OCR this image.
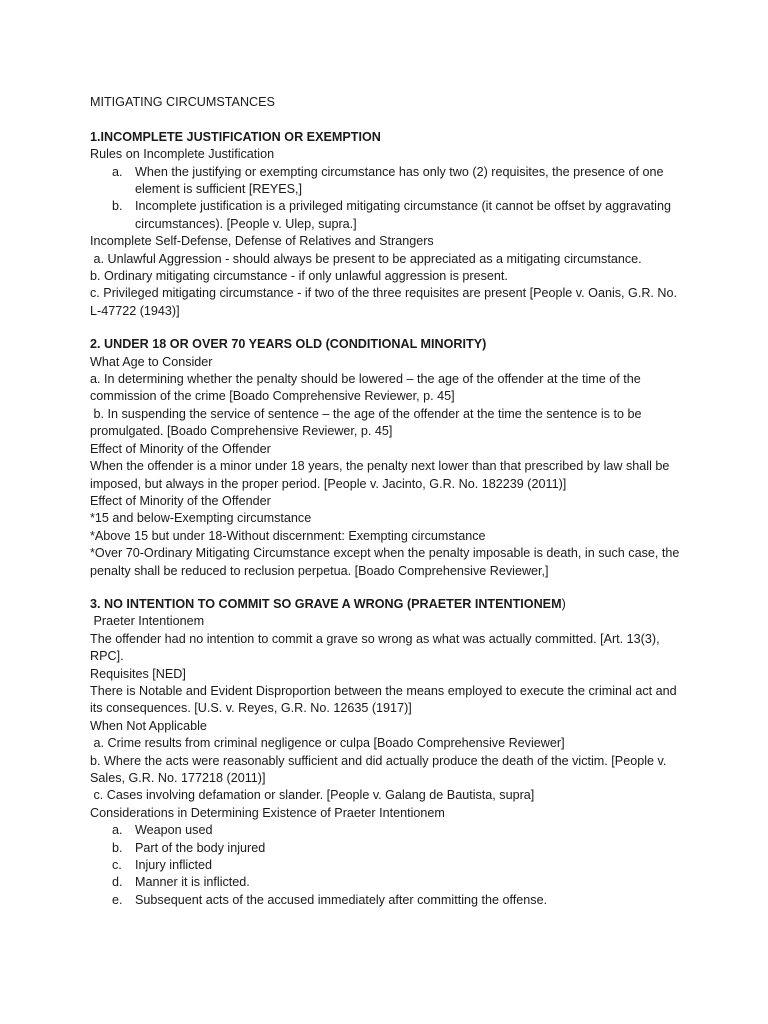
MITIGATING CIRCUMSTANCES

1.INCOMPLETE JUSTIFICATION OR EXEMPTION

Rules on Incomplete Justification

a. When the justifying or exempting circumstance has only two (2) requisites, the presence of one element is sufficient [REYES,]
b. Incomplete justification is a privileged mitigating circumstance (it cannot be offset by aggravating circumstances). [People v. Ulep, supra.]

Incomplete Self-Defense, Defense of Relatives and Strangers

a. Unlawful Aggression - should always be present to be appreciated as a mitigating circumstance.

b. Ordinary mitigating circumstance - if only unlawful aggression is present.

c. Privileged mitigating circumstance - if two of the three requisites are present [People v. Oanis, G.R. No. L-47722 (1943)]

2. UNDER 18 OR OVER 70 YEARS OLD (CONDITIONAL MINORITY)

What Age to Consider

a. In determining whether the penalty should be lowered – the age of the offender at the time of the commission of the crime [Boado Comprehensive Reviewer, p. 45]

b. In suspending the service of sentence – the age of the offender at the time the sentence is to be promulgated. [Boado Comprehensive Reviewer, p. 45]

Effect of Minority of the Offender

When the offender is a minor under 18 years, the penalty next lower than that prescribed by law shall be imposed, but always in the proper period. [People v. Jacinto, G.R. No. 182239 (2011)]

Effect of Minority of the Offender

*15 and below-Exempting circumstance

*Above 15 but under 18-Without discernment: Exempting circumstance

*Over 70-Ordinary Mitigating Circumstance except when the penalty imposable is death, in such case, the penalty shall be reduced to reclusion perpetua. [Boado Comprehensive Reviewer,]

3. NO INTENTION TO COMMIT SO GRAVE A WRONG (PRAETER INTENTIONEM)

Praeter Intentionem

The offender had no intention to commit a grave so wrong as what was actually committed. [Art. 13(3), RPC].

Requisites [NED]

There is Notable and Evident Disproportion between the means employed to execute the criminal act and its consequences. [U.S. v. Reyes, G.R. No. 12635 (1917)]

When Not Applicable

a. Crime results from criminal negligence or culpa [Boado Comprehensive Reviewer]

b. Where the acts were reasonably sufficient and did actually produce the death of the victim. [People v. Sales, G.R. No. 177218 (2011)]

c. Cases involving defamation or slander. [People v. Galang de Bautista, supra]

Considerations in Determining Existence of Praeter Intentionem

a. Weapon used
b. Part of the body injured
c. Injury inflicted
d. Manner it is inflicted.
e. Subsequent acts of the accused immediately after committing the offense.
